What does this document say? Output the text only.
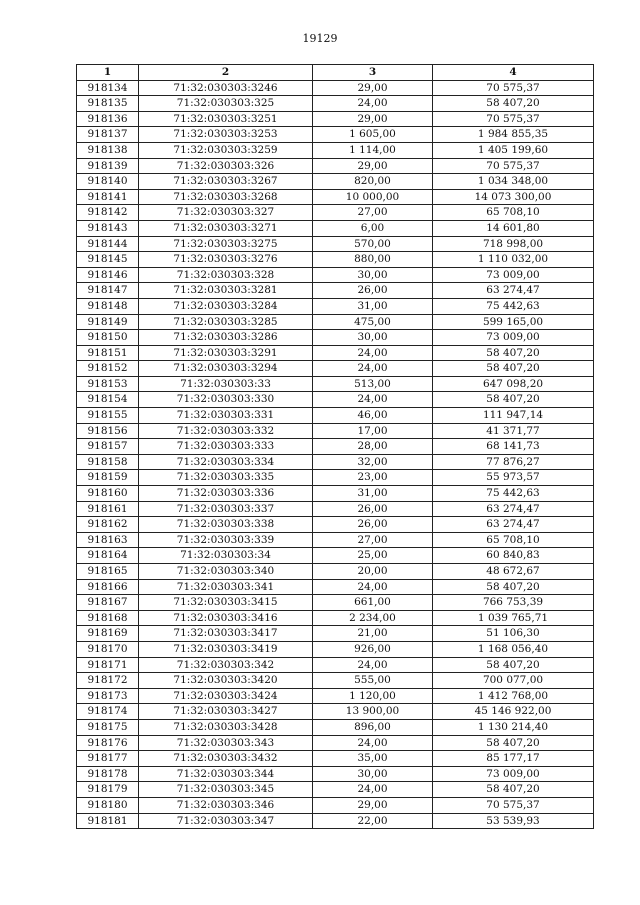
19129
1	2	3	4
918134	71:32:030303:3246	29,00	70 575,37
918135	71:32:030303:325	24,00	58 407,20
918136	71:32:030303:3251	29,00	70 575,37
918137	71:32:030303:3253	1 605,00	1 984 855,35
918138	71:32:030303:3259	1 114,00	1 405 199,60
918139	71:32:030303:326	29,00	70 575,37
918140	71:32:030303:3267	820,00	1 034 348,00
918141	71:32:030303:3268	10 000,00	14 073 300,00
918142	71:32:030303:327	27,00	65 708,10
918143	71:32:030303:3271	6,00	14 601,80
918144	71:32:030303:3275	570,00	718 998,00
918145	71:32:030303:3276	880,00	1 110 032,00
918146	71:32:030303:328	30,00	73 009,00
918147	71:32:030303:3281	26,00	63 274,47
918148	71:32:030303:3284	31,00	75 442,63
918149	71:32:030303:3285	475,00	599 165,00
918150	71:32:030303:3286	30,00	73 009,00
918151	71:32:030303:3291	24,00	58 407,20
918152	71:32:030303:3294	24,00	58 407,20
918153	71:32:030303:33	513,00	647 098,20
918154	71:32:030303:330	24,00	58 407,20
918155	71:32:030303:331	46,00	111 947,14
918156	71:32:030303:332	17,00	41 371,77
918157	71:32:030303:333	28,00	68 141,73
918158	71:32:030303:334	32,00	77 876,27
918159	71:32:030303:335	23,00	55 973,57
918160	71:32:030303:336	31,00	75 442,63
918161	71:32:030303:337	26,00	63 274,47
918162	71:32:030303:338	26,00	63 274,47
918163	71:32:030303:339	27,00	65 708,10
918164	71:32:030303:34	25,00	60 840,83
918165	71:32:030303:340	20,00	48 672,67
918166	71:32:030303:341	24,00	58 407,20
918167	71:32:030303:3415	661,00	766 753,39
918168	71:32:030303:3416	2 234,00	1 039 765,71
918169	71:32:030303:3417	21,00	51 106,30
918170	71:32:030303:3419	926,00	1 168 056,40
918171	71:32:030303:342	24,00	58 407,20
918172	71:32:030303:3420	555,00	700 077,00
918173	71:32:030303:3424	1 120,00	1 412 768,00
918174	71:32:030303:3427	13 900,00	45 146 922,00
918175	71:32:030303:3428	896,00	1 130 214,40
918176	71:32:030303:343	24,00	58 407,20
918177	71:32:030303:3432	35,00	85 177,17
918178	71:32:030303:344	30,00	73 009,00
918179	71:32:030303:345	24,00	58 407,20
918180	71:32:030303:346	29,00	70 575,37
918181	71:32:030303:347	22,00	53 539,93
